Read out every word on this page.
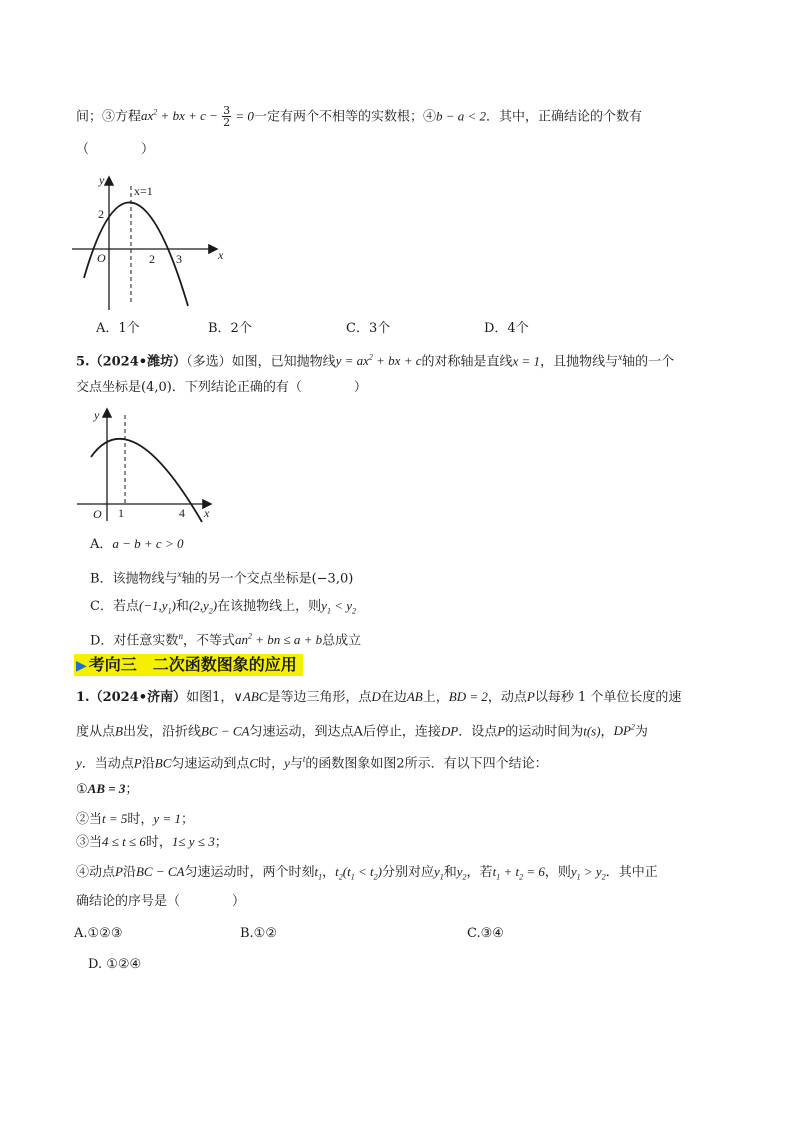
间；③方程$ax^2$ + bx + $c - \frac{3}{2} = 0$一定有两个不相等的实数根；④b − a < 2．其中，正确结论的个数有
（　　　　）
y
x
O
2
2 3
x=1
A．1个	B．2个	C．3个	D．4个
5.（2024•潍坊）（多选）如图，已知抛物线$y = ax^2$ + bx + c的对称轴是直线x = 1，且抛物线与$^x$轴的一个
交点坐标是(4,0)．下列结论正确的有（　　　　）
y
x
O 1	4
A．a − b + c > 0
B．该抛物线与$^x$轴的另一个交点坐标是(−3,0)
C．若点$(-1,y_1)$和$(2,y_2)$在该抛物线上，则$y_1 < y_2$
D．对任意实数$^n$，不等式$an^2$ + bn ≤ a + b总成立
▶ 考向三　二次函数图象的应用
1.（2024•济南）如图1，∨ABC是等边三角形，点D在边AB上，BD = 2，动点P以每秒 1 个单位长度的速
度从点B出发，沿折线BC − CA匀速运动，到达点A后停止，连接DP．设点P的运动时间为t(s)，$DP^2$为
y．当动点P沿BC匀速运动到点C时，y与$^t$的函数图象如图2所示．有以下四个结论：
①AB = 3；
②当t = 5时，y = 1；
③当4 ≤ t ≤ 6时，1≤ y ≤ 3；
④动点P沿BC − CA匀速运动时，两个时刻$t_1$，$t_2(t_1 < t_2)$分别对应$y_1$和$y_2$，若$t_1 + t_2 = 6$，则$y_1 > y_2$．其中正
确结论的序号是（　　　　）
A.①②③	B.①②	C.③④
D. ①②④
